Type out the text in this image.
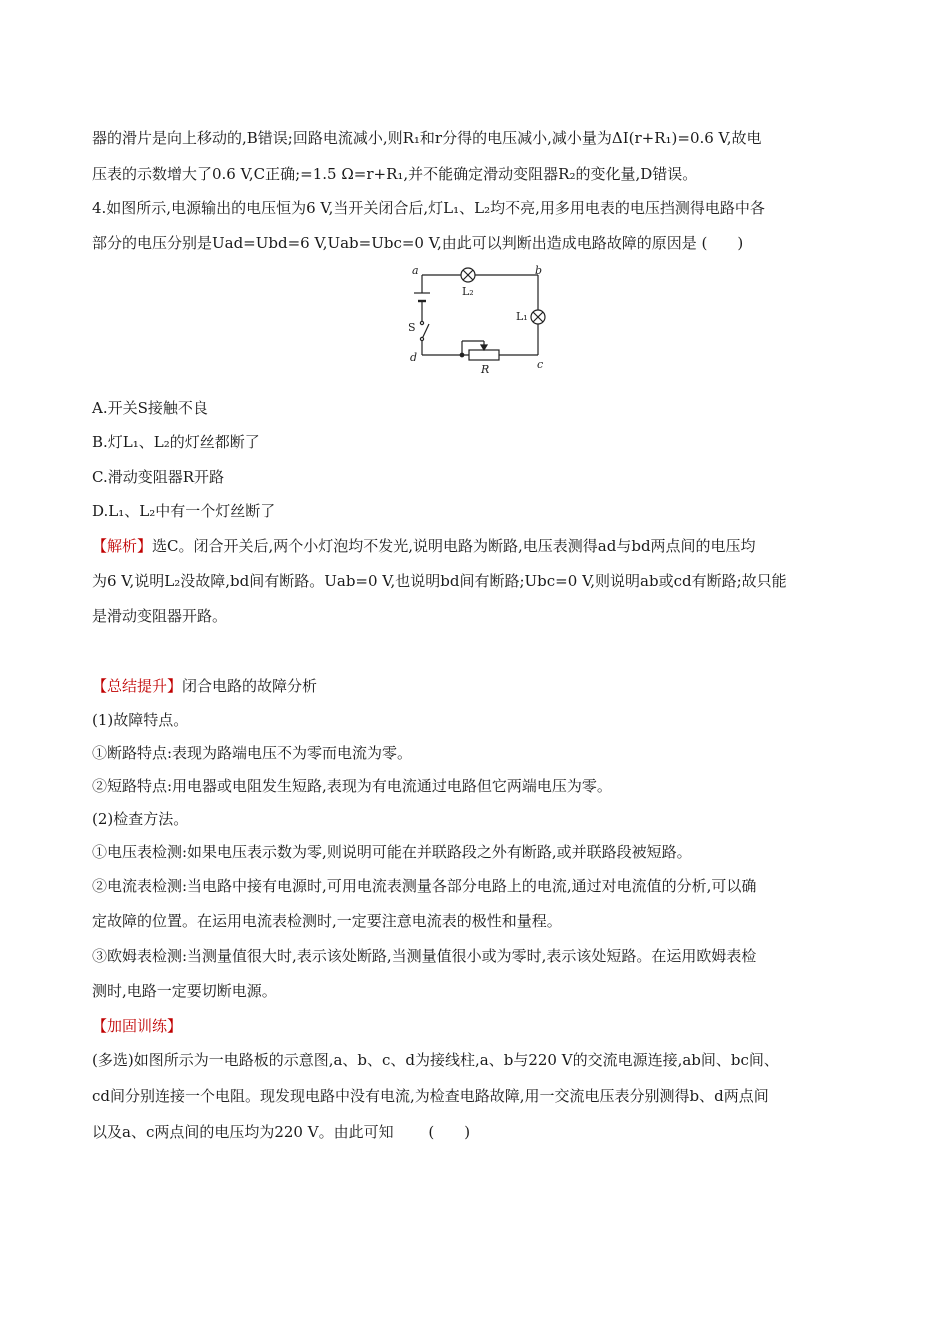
器的滑片是向上移动的,B错误;回路电流减小,则R₁和r分得的电压减小,减小量为ΔI(r+R₁)=0.6 V,故电
压表的示数增大了0.6 V,C正确;=1.5 Ω=r+R₁,并不能确定滑动变阻器R₂的变化量,D错误。
4.如图所示,电源输出的电压恒为6 V,当开关闭合后,灯L₁、L₂均不亮,用多用电表的电压挡测得电路中各
部分的电压分别是Uad=Ubd=6 V,Uab=Ubc=0 V,由此可以判断出造成电路故障的原因是 (　　)
a	b
c
d
L₂
L₁
S
R
A.开关S接触不良
B.灯L₁、L₂的灯丝都断了
C.滑动变阻器R开路
D.L₁、L₂中有一个灯丝断了
【解析】选C。闭合开关后,两个小灯泡均不发光,说明电路为断路,电压表测得ad与bd两点间的电压均
为6 V,说明L₂没故障,bd间有断路。Uab=0 V,也说明bd间有断路;Ubc=0 V,则说明ab或cd有断路;故只能
是滑动变阻器开路。
【总结提升】闭合电路的故障分析
(1)故障特点。
①断路特点:表现为路端电压不为零而电流为零。
②短路特点:用电器或电阻发生短路,表现为有电流通过电路但它两端电压为零。
(2)检查方法。
①电压表检测:如果电压表示数为零,则说明可能在并联路段之外有断路,或并联路段被短路。
②电流表检测:当电路中接有电源时,可用电流表测量各部分电路上的电流,通过对电流值的分析,可以确
定故障的位置。在运用电流表检测时,一定要注意电流表的极性和量程。
③欧姆表检测:当测量值很大时,表示该处断路,当测量值很小或为零时,表示该处短路。在运用欧姆表检
测时,电路一定要切断电源。
【加固训练】
(多选)如图所示为一电路板的示意图,a、b、c、d为接线柱,a、b与220 V的交流电源连接,ab间、bc间、
cd间分别连接一个电阻。现发现电路中没有电流,为检查电路故障,用一交流电压表分别测得b、d两点间
以及a、c两点间的电压均为220 V。由此可知 　　(　　)
